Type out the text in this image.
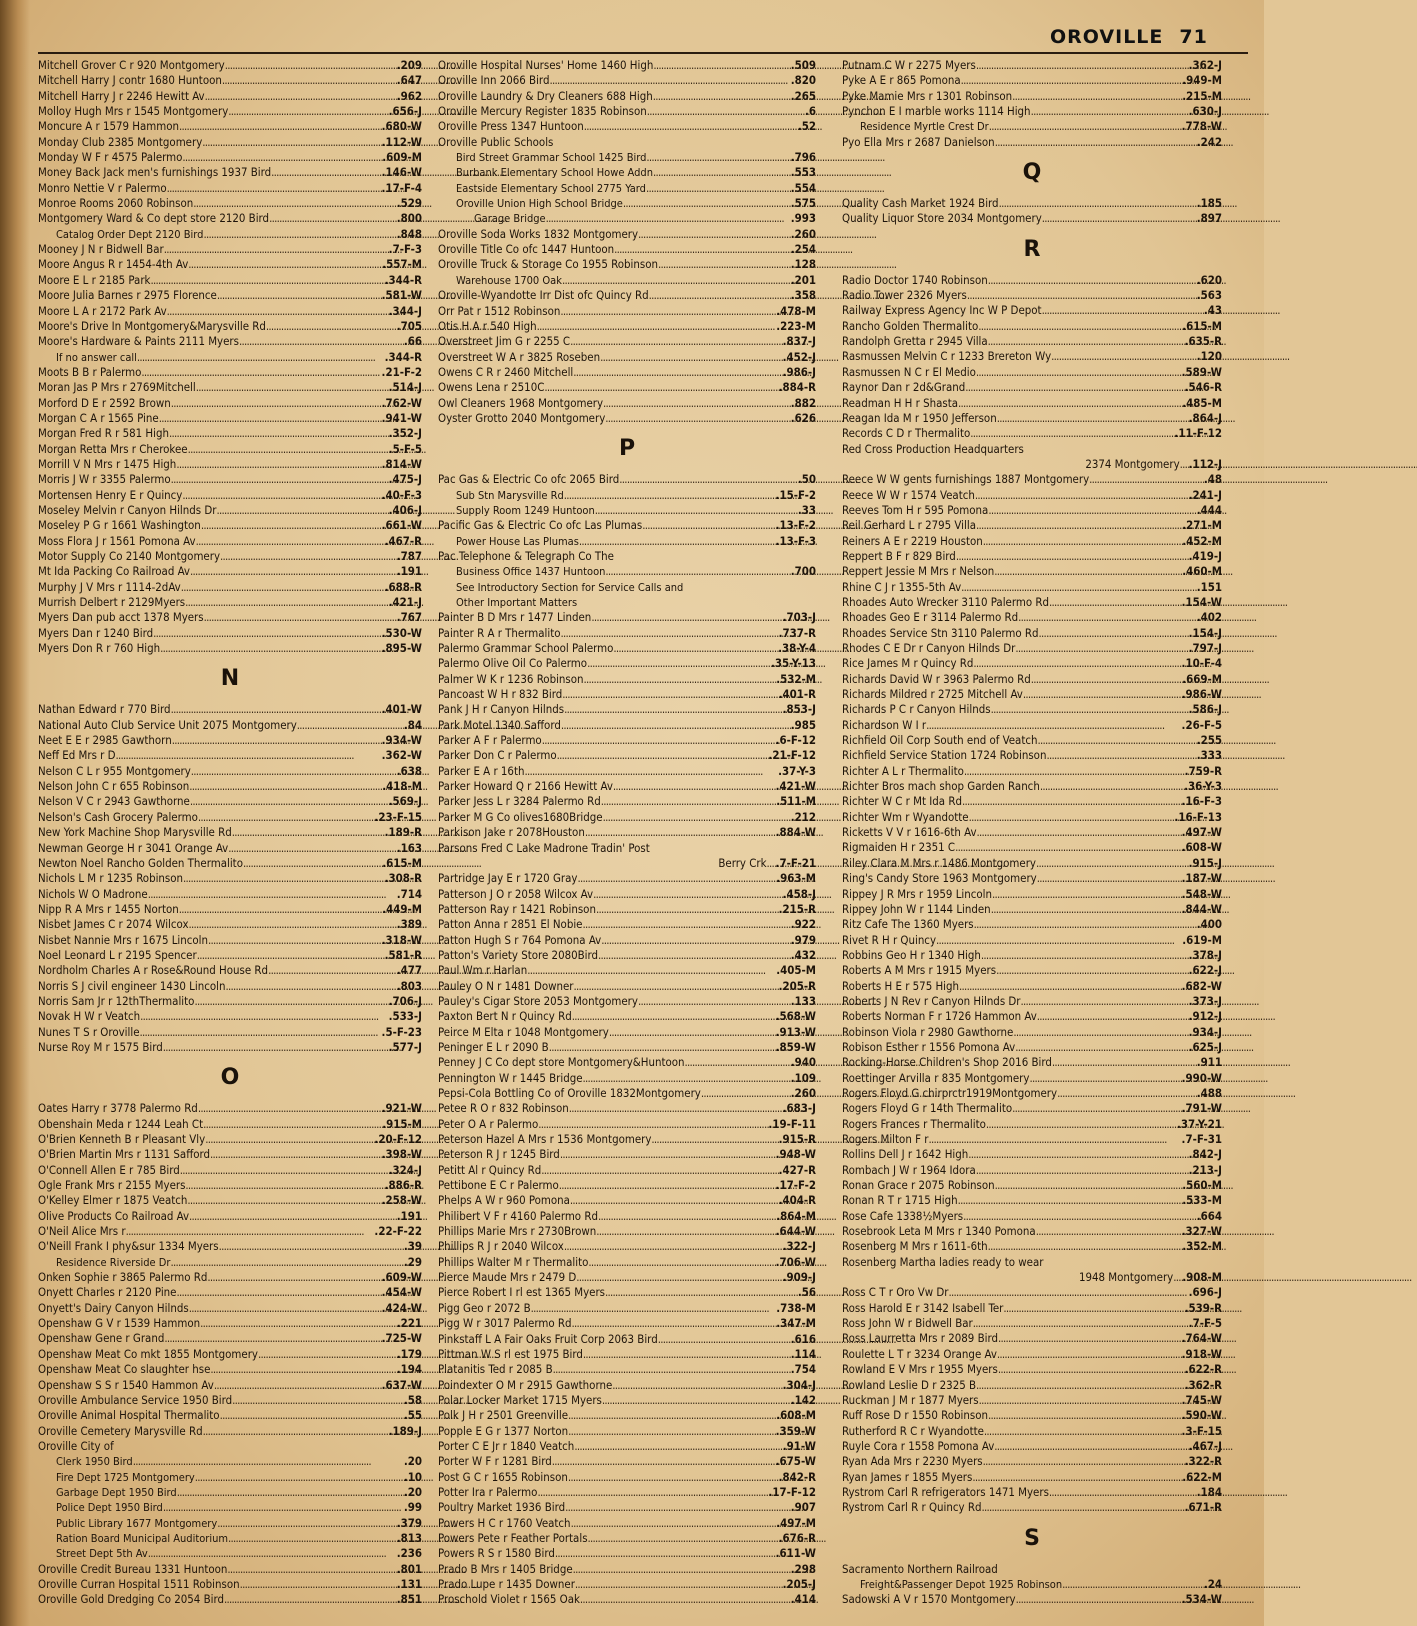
OROVILLE 71
Mitchell Grover C r 920 Montgomery . . .	.209
Mitchell Harry J contr 1680 Huntoon . . .	.647
Mitchell Harry J r 2246 Hewitt Av . . .	.962
Molloy Hugh Mrs r 1545 Montgomery . . .	.656-J
Moncure A r 1579 Hammon . . .	.680-W
Monday Club 2385 Montgomery . . .	.112-W
Monday W F r 4575 Palermo . . .	.609-M
Money Back Jack men's furnishings 1937 Bird . . .	.146-W
Monro Nettie V r Palermo . . .	.17-F-4
Monroe Rooms 2060 Robinson . . .	.529
Montgomery Ward & Co dept store 2120 Bird . . .	.800
Catalog Order Dept 2120 Bird . . .	.848
Mooney J N r Bidwell Bar . . .	.7-F-3
Moore Angus R r 1454-4th Av . . .	.557-M
Moore E L r 2185 Park . . .	.344-R
Moore Julia Barnes r 2975 Florence . . .	.581-W
Moore L A r 2172 Park Av . . .	.344-J
Moore's Drive In Montgomery&Marysville Rd . . .	.705
Moore's Hardware & Paints 2111 Myers . . .	.66
If no answer call . . .	.344-R
Moots B B r Palermo . . .	.21-F-2
Moran Jas P Mrs r 2769Mitchell . . .	.514-J
Morford D E r 2592 Brown . . .	.762-W
Morgan C A r 1565 Pine . . .	.941-W
Morgan Fred R r 581 High . . .	.352-J
Morgan Retta Mrs r Cherokee . . .	.5-F-5
Morrill V N Mrs r 1475 High . . .	.814-W
Morris J W r 3355 Palermo . . .	.475-J
Mortensen Henry E r Quincy . . .	.40-F-3
Moseley Melvin r Canyon Hilnds Dr . . .	.406-J
Moseley P G r 1661 Washington . . .	.661-W
Moss Flora J r 1561 Pomona Av . . .	.467-R
Motor Supply Co 2140 Montgomery . . .	.787
Mt Ida Packing Co Railroad Av . . .	.191
Murphy J V Mrs r 1114-2dAv . . .	.688-R
Murrish Delbert r 2129Myers . . .	.421-J
Myers Dan pub acct 1378 Myers . . .	.767
Myers Dan r 1240 Bird . . .	.530-W
Myers Don R r 760 High . . .	.895-W
N
Nathan Edward r 770 Bird . . .	.401-W
National Auto Club Service Unit 2075 Montgomery . . .	.84
Neet E E r 2985 Gawthorn . . .	.934-W
Neff Ed Mrs r D . . .	.362-W
Nelson C L r 955 Montgomery . . .	.638
Nelson John C r 655 Robinson . . .	.418-M
Nelson V C r 2943 Gawthorne . . .	.569-J
Nelson's Cash Grocery Palermo . . .	.23-F-15
New York Machine Shop Marysville Rd . . .	.189-R
Newman George H r 3041 Orange Av . . .	.163
Newton Noel Rancho Golden Thermalito . . .	.615-M
Nichols L M r 1235 Robinson . . .	.308-R
Nichols W O Madrone . . .	.714
Nipp R A Mrs r 1455 Norton . . .	.449-M
Nisbet James C r 2074 Wilcox . . .	.389
Nisbet Nannie Mrs r 1675 Lincoln . . .	.318-W
Noel Leonard L r 2195 Spencer . . .	.581-R
Nordholm Charles A r Rose&Round House Rd . . .	.477
Norris S J civil engineer 1430 Lincoln . . .	.803
Norris Sam Jr r 12thThermalito . . .	.706-J
Novak H W r Veatch . . .	.533-J
Nunes T S r Oroville . . .	.5-F-23
Nurse Roy M r 1575 Bird . . .	.577-J
O
Oates Harry r 3778 Palermo Rd . . .	.921-W
Obenshain Meda r 1244 Leah Ct . . .	.915-M
O'Brien Kenneth B r Pleasant Vly . . .	.20-F-12
O'Brien Martin Mrs r 1131 Safford . . .	.398-W
O'Connell Allen E r 785 Bird . . .	.324-J
Ogle Frank Mrs r 2155 Myers . . .	.886-R
O'Kelley Elmer r 1875 Veatch . . .	.258-W
Olive Products Co Railroad Av . . .	.191
O'Neil Alice Mrs r . . .	.22-F-22
O'Neill Frank I phy&sur 1334 Myers . . .	.39
Residence Riverside Dr . . .	.29
Onken Sophie r 3865 Palermo Rd . . .	.609-W
Onyett Charles r 2120 Pine . . .	.454-W
Onyett's Dairy Canyon Hilnds . . .	.424-W
Openshaw G V r 1539 Hammon . . .	.221
Openshaw Gene r Grand . . .	.725-W
Openshaw Meat Co mkt 1855 Montgomery . . .	.179
Openshaw Meat Co slaughter hse . . .	.194
Openshaw S S r 1540 Hammon Av . . .	.637-W
Oroville Ambulance Service 1950 Bird . . .	.58
Oroville Animal Hospital Thermalito . . .	.55
Oroville Cemetery Marysville Rd . . .	.189-J
Oroville City of
Clerk 1950 Bird . . .	.20
Fire Dept 1725 Montgomery . . .	.10
Garbage Dept 1950 Bird . . .	.20
Police Dept 1950 Bird . . .	.99
Public Library 1677 Montgomery . . .	.379
Ration Board Municipal Auditorium . . .	.813
Street Dept 5th Av . . .	.236
Oroville Credit Bureau 1331 Huntoon . . .	.801
Oroville Curran Hospital 1511 Robinson . . .	.131
Oroville Gold Dredging Co 2054 Bird . . .	.851
Oroville Hospital Nurses' Home 1460 High . . .	.509
Oroville Inn 2066 Bird . . .	.820
Oroville Laundry & Dry Cleaners 688 High . . .	.265
Oroville Mercury Register 1835 Robinson . . .	.6
Oroville Press 1347 Huntoon . . .	.52
Oroville Public Schools
Bird Street Grammar School 1425 Bird . . .	.796
Burbank Elementary School Howe Addn . . .	.553
Eastside Elementary School 2775 Yard . . .	.554
Oroville Union High School Bridge . . .	.575
Garage Bridge . . .	.993
Oroville Soda Works 1832 Montgomery . . .	.260
Oroville Title Co ofc 1447 Huntoon . . .	.254
Oroville Truck & Storage Co 1955 Robinson . . .	.128
Warehouse 1700 Oak . . .	.201
Oroville-Wyandotte Irr Dist ofc Quincy Rd . . .	.358
Orr Pat r 1512 Robinson . . .	.478-M
Otis H A r 540 High . . .	.223-M
Overstreet Jim G r 2255 C . . .	.837-J
Overstreet W A r 3825 Roseben . . .	.452-J
Owens C R r 2460 Mitchell . . .	.986-J
Owens Lena r 2510C . . .	.884-R
Owl Cleaners 1968 Montgomery . . .	.882
Oyster Grotto 2040 Montgomery . . .	.626
P
Pac Gas & Electric Co ofc 2065 Bird . . .	.50
Sub Stn Marysville Rd . . .	.15-F-2
Supply Room 1249 Huntoon . . .	.33
Pacific Gas & Electric Co ofc Las Plumas . . .	.13-F-2
Power House Las Plumas . . .	.13-F-3
Pac Telephone & Telegraph Co The
Business Office 1437 Huntoon . . .	.700
See Introductory Section for Service Calls and
Other Important Matters
Painter B D Mrs r 1477 Linden . . .	.703-J
Painter R A r Thermalito . . .	.737-R
Palermo Grammar School Palermo . . .	.38-Y-4
Palermo Olive Oil Co Palermo . . .	.35-Y-13
Palmer W K r 1236 Robinson . . .	.532-M
Pancoast W H r 832 Bird . . .	.401-R
Pank J H r Canyon Hilnds . . .	.853-J
Park Motel 1340 Safford . . .	.985
Parker A F r Palermo . . .	.6-F-12
Parker Don C r Palermo . . .	.21-F-12
Parker E A r 16th . . .	.37-Y-3
Parker Howard Q r 2166 Hewitt Av . . .	.421-W
Parker Jess L r 3284 Palermo Rd . . .	.511-M
Parker M G Co olives1680Bridge . . .	.212
Parkison Jake r 2078Houston . . .	.884-W
Parsons Fred C Lake Madrone Tradin' Post
Berry Crk . . . .7-F-21
Partridge Jay E r 1720 Gray . . .	.963-M
Patterson J O r 2058 Wilcox Av . . .	.458-J
Patterson Ray r 1421 Robinson . . .	.215-R
Patton Anna r 2851 El Nobie . . .	.922
Patton Hugh S r 764 Pomona Av . . .	.979
Patton's Variety Store 2080Bird . . .	.432
Paul Wm r Harlan . . .	.405-M
Pauley O N r 1481 Downer . . .	.205-R
Pauley's Cigar Store 2053 Montgomery . . .	.133
Paxton Bert N r Quincy Rd . . .	.568-W
Peirce M Elta r 1048 Montgomery . . .	.913-W
Peninger E L r 2090 B . . .	.859-W
Penney J C Co dept store Montgomery&Huntoon . . .	.940
Pennington W r 1445 Bridge . . .	.109
Pepsi-Cola Bottling Co of Oroville 1832Montgomery . . .	.260
Petee R O r 832 Robinson . . .	.683-J
Peter O A r Palermo . . .	.19-F-11
Peterson Hazel A Mrs r 1536 Montgomery . . .	.915-R
Peterson R J r 1245 Bird . . .	.948-W
Petitt Al r Quincy Rd . . .	.427-R
Pettibone E C r Palermo . . .	.17-F-2
Phelps A W r 960 Pomona . . .	.404-R
Philibert V F r 4160 Palermo Rd . . .	.864-M
Phillips Marie Mrs r 2730Brown . . .	.644-W
Phillips R J r 2040 Wilcox . . .	.322-J
Phillips Walter M r Thermalito . . .	.706-W
Pierce Maude Mrs r 2479 D . . .	.909-J
Pierce Robert I rl est 1365 Myers . . .	.56
Pigg Geo r 2072 B . . .	.738-M
Pigg W r 3017 Palermo Rd . . .	.347-M
Pinkstaff L A Fair Oaks Fruit Corp 2063 Bird . . .	.616
Pittman W S rl est 1975 Bird . . .	.114
Platanitis Ted r 2085 B . . .	.754
Poindexter O M r 2915 Gawthorne . . .	.304-J
Polar Locker Market 1715 Myers . . .	.142
Polk J H r 2501 Greenville . . .	.608-M
Popple E G r 1377 Norton . . .	.359-W
Porter C E Jr r 1840 Veatch . . .	.91-W
Porter W F r 1281 Bird . . .	.675-W
Post G C r 1655 Robinson . . .	.842-R
Potter Ira r Palermo . . .	.17-F-12
Poultry Market 1936 Bird . . .	.907
Powers H C r 1760 Veatch . . .	.497-M
Powers Pete r Feather Portals . . .	.676-R
Powers R S r 1580 Bird . . .	.611-W
Prado B Mrs r 1405 Bridge . . .	.298
Prado Lupe r 1435 Downer . . .	.205-J
Proschold Violet r 1565 Oak . . .	.414
Putnam C W r 2275 Myers . . .	.362-J
Pyke A E r 865 Pomona . . .	.949-M
Pyke Mamie Mrs r 1301 Robinson . . .	.215-M
Pynchon E I marble works 1114 High . . .	.630-J
Residence Myrtle Crest Dr . . .	.778-W
Pyo Ella Mrs r 2687 Danielson . . .	.242
Q
Quality Cash Market 1924 Bird . . .	.185
Quality Liquor Store 2034 Montgomery . . .	.897
R
Radio Doctor 1740 Robinson . . .	.620
Radio Tower 2326 Myers . . .	.563
Railway Express Agency Inc W P Depot . . .	.43
Rancho Golden Thermalito . . .	.615-M
Randolph Gretta r 2945 Villa . . .	.635-R
Rasmussen Melvin C r 1233 Brereton Wy . . .	.120
Rasmussen N C r El Medio . . .	.589-W
Raynor Dan r 2d&Grand . . .	.546-R
Readman H H r Shasta . . .	.485-M
Reagan Ida M r 1950 Jefferson . . .	.864-J
Records C D r Thermalito . . .	.11-F-12
Red Cross Production Headquarters
2374 Montgomery . . . .112-J
Reece W W gents furnishings 1887 Montgomery . . .	.48
Reece W W r 1574 Veatch . . .	.241-J
Reeves Tom H r 595 Pomona . . .	.444
Reil Gerhard L r 2795 Villa . . .	.271-M
Reiners A E r 2219 Houston . . .	.452-M
Reppert B F r 829 Bird . . .	.419-J
Reppert Jessie M Mrs r Nelson . . .	.460-M
Rhine C J r 1355-5th Av . . .	.151
Rhoades Auto Wrecker 3110 Palermo Rd . . .	.154-W
Rhoades Geo E r 3114 Palermo Rd . . .	.402
Rhoades Service Stn 3110 Palermo Rd . . .	.154-J
Rhodes C E Dr r Canyon Hilnds Dr . . .	.797-J
Rice James M r Quincy Rd . . .	.10-F-4
Richards David W r 3963 Palermo Rd . . .	.669-M
Richards Mildred r 2725 Mitchell Av . . .	.986-W
Richards P C r Canyon Hilnds . . .	.586-J
Richardson W I r . . .	.26-F-5
Richfield Oil Corp South end of Veatch . . .	.255
Richfield Service Station 1724 Robinson . . .	.333
Richter A L r Thermalito . . .	.759-R
Richter Bros mach shop Garden Ranch . . .	.36-Y-3
Richter W C r Mt Ida Rd . . .	.16-F-3
Richter Wm r Wyandotte . . .	.16-F-13
Ricketts V V r 1616-6th Av . . .	.497-W
Rigmaiden H r 2351 C . . .	.608-W
Riley Clara M Mrs r 1486 Montgomery . . .	.915-J
Ring's Candy Store 1963 Montgomery . . .	.187-W
Rippey J R Mrs r 1959 Lincoln . . .	.548-W
Rippey John W r 1144 Linden . . .	.844-W
Ritz Cafe The 1360 Myers . . .	.400
Rivet R H r Quincy . . .	.619-M
Robbins Geo H r 1340 High . . .	.378-J
Roberts A M Mrs r 1915 Myers . . .	.622-J
Roberts H E r 575 High . . .	.682-W
Roberts J N Rev r Canyon Hilnds Dr . . .	.373-J
Roberts Norman F r 1726 Hammon Av . . .	.912-J
Robinson Viola r 2980 Gawthorne . . .	.934-J
Robison Esther r 1556 Pomona Av . . .	.625-J
Rocking-Horse Children's Shop 2016 Bird . . .	.911
Roettinger Arvilla r 835 Montgomery . . .	.990-W
Rogers Floyd G chirprctr1919Montgomery . . .	.488
Rogers Floyd G r 14th Thermalito . . .	.791-W
Rogers Frances r Thermalito . . .	.37-Y-21
Rogers Milton F r . . .	.7-F-31
Rollins Dell J r 1642 High . . .	.842-J
Rombach J W r 1964 Idora . . .	.213-J
Ronan Grace r 2075 Robinson . . .	.560-M
Ronan R T r 1715 High . . .	.533-M
Rose Cafe 1338½Myers . . .	.664
Rosebrook Leta M Mrs r 1340 Pomona . . .	.327-W
Rosenberg M Mrs r 1611-6th . . .	.352-M
Rosenberg Martha ladies ready to wear
1948 Montgomery . . . .908-M
Ross C T r Oro Vw Dr . . .	.696-J
Ross Harold E r 3142 Isabell Ter . . .	.539-R
Ross John W r Bidwell Bar . . .	.7-F-5
Ross Laurretta Mrs r 2089 Bird . . .	.764-W
Roulette L T r 3234 Orange Av . . .	.918-W
Rowland E V Mrs r 1955 Myers . . .	.622-R
Rowland Leslie D r 2325 B . . .	.362-R
Ruckman J M r 1877 Myers . . .	.745-W
Ruff Rose D r 1550 Robinson . . .	.590-W
Rutherford R C r Wyandotte . . .	.3-F-15
Ruyle Cora r 1558 Pomona Av . . .	.467-J
Ryan Ada Mrs r 2230 Myers . . .	.322-R
Ryan James r 1855 Myers . . .	.622-M
Rystrom Carl R refrigerators 1471 Myers . . .	.184
Rystrom Carl R r Quincy Rd . . .	.671-R
S
Sacramento Northern Railroad
Freight&Passenger Depot 1925 Robinson . . .	.24
Sadowski A V r 1570 Montgomery . . .	.534-W
